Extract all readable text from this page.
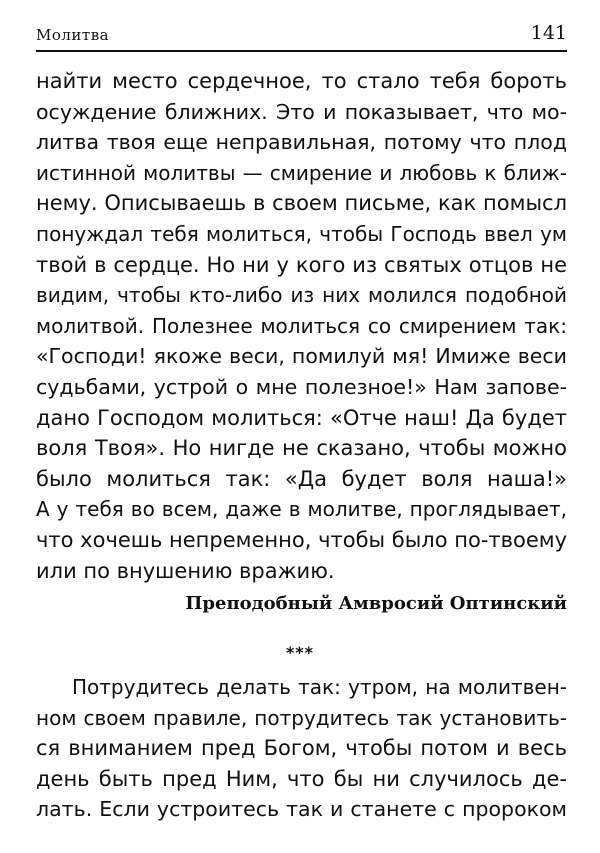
Молитва	141
найти место сердечное, то стало тебя бороть
осуждение ближних. Это и показывает, что мо-
литва твоя еще неправильная, потому что плод
истинной молитвы — смирение и любовь к ближ-
нему. Описываешь в своем письме, как помысл
понуждал тебя молиться, чтобы Господь ввел ум
твой в сердце. Но ни у кого из святых отцов не
видим, чтобы кто-либо из них молился подобной
молитвой. Полезнее молиться со смирением так:
«Господи! якоже веси, помилуй мя! Имиже веси
судьбами, устрой о мне полезное!» Нам запове-
дано Господом молиться: «Отче наш! Да будет
воля Твоя». Но нигде не сказано, чтобы можно
было молиться так: «Да будет воля наша!»
А у тебя во всем, даже в молитве, проглядывает,
что хочешь непременно, чтобы было по-твоему
или по внушению вражию.
Преподобный Амвросий Оптинский
***
Потрудитесь делать так: утром, на молитвен-
ном своем правиле, потрудитесь так установить-
ся вниманием пред Богом, чтобы потом и весь
день быть пред Ним, что бы ни случилось де-
лать. Если устроитесь так и станете с пророком
